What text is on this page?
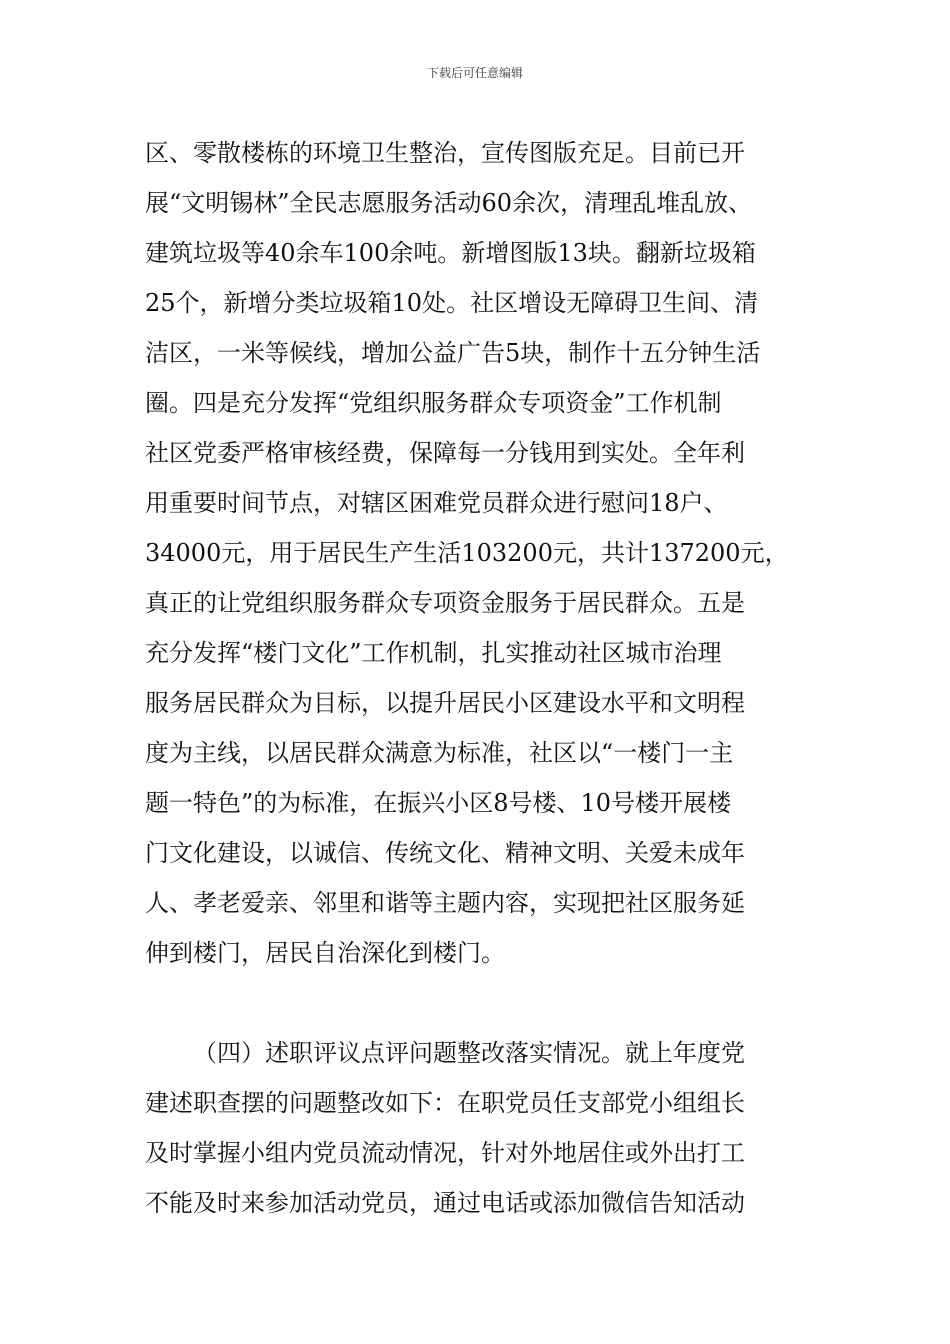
下载后可任意编辑
区、零散楼栋的环境卫生整治，宣传图版充足。目前已开
展“文明锡林”全民志愿服务活动60余次，清理乱堆乱放、
建筑垃圾等40余车100余吨。新增图版13块。翻新垃圾箱
25个，新增分类垃圾箱10处。社区增设无障碍卫生间、清
洁区，一米等候线，增加公益广告5块，制作十五分钟生活
圈。四是充分发挥“党组织服务群众专项资金”工作机制
社区党委严格审核经费，保障每一分钱用到实处。全年利
用重要时间节点，对辖区困难党员群众进行慰问18户、
34000元，用于居民生产生活103200元，共计137200元，
真正的让党组织服务群众专项资金服务于居民群众。五是
充分发挥“楼门文化”工作机制，扎实推动社区城市治理
服务居民群众为目标，以提升居民小区建设水平和文明程
度为主线，以居民群众满意为标准，社区以“一楼门一主
题一特色”的为标准，在振兴小区8号楼、10号楼开展楼
门文化建设，以诚信、传统文化、精神文明、关爱未成年
人、孝老爱亲、邻里和谐等主题内容，实现把社区服务延
伸到楼门，居民自治深化到楼门。
（四）述职评议点评问题整改落实情况。就上年度党
建述职查摆的问题整改如下：在职党员任支部党小组组长
及时掌握小组内党员流动情况，针对外地居住或外出打工
不能及时来参加活动党员，通过电话或添加微信告知活动
